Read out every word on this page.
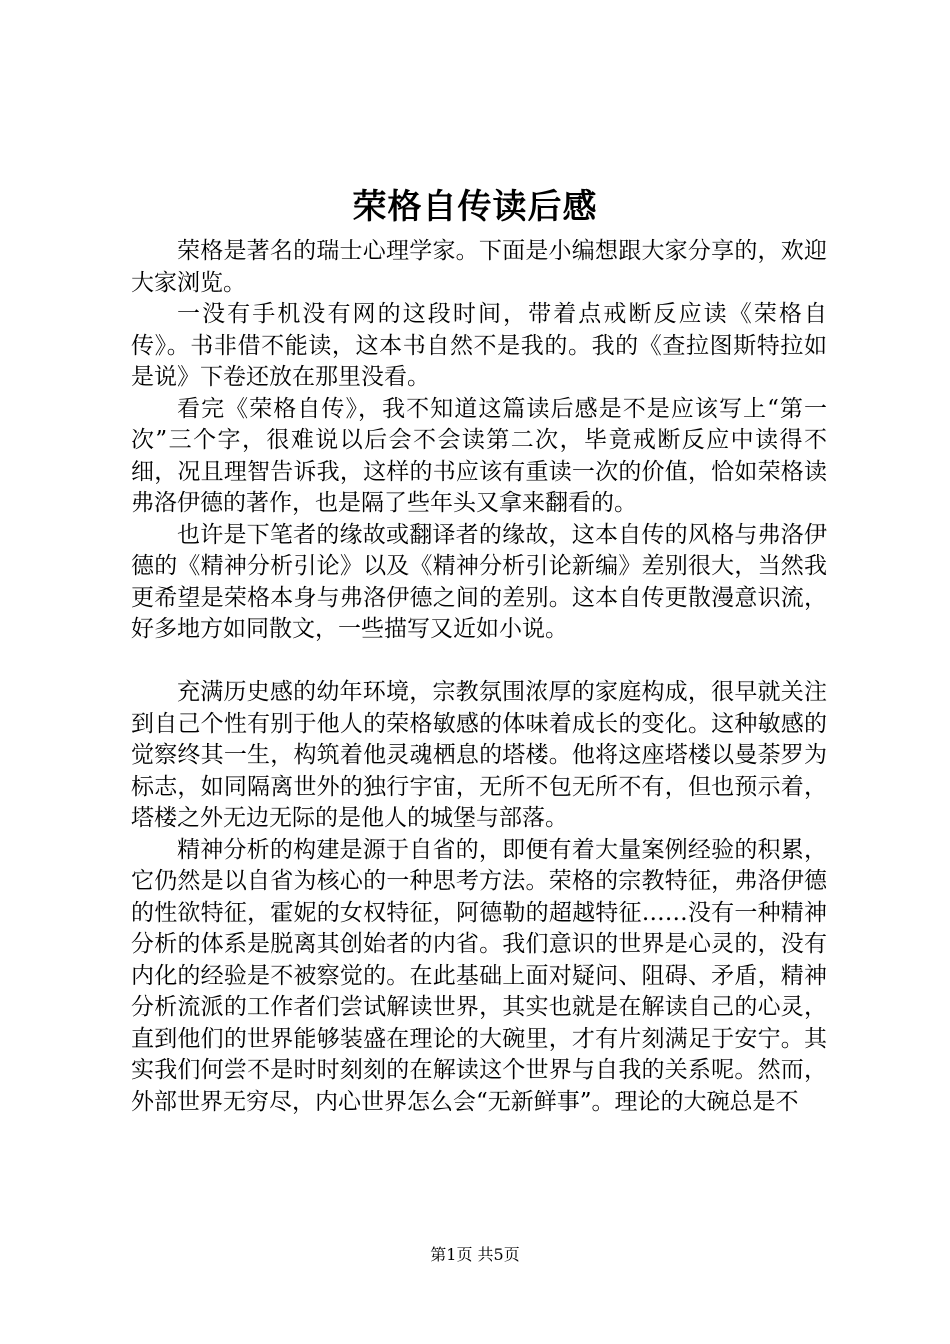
荣格自传读后感

荣格是著名的瑞士心理学家。下面是小编想跟大家分享的，欢迎大家浏览。

一没有手机没有网的这段时间，带着点戒断反应读《荣格自传》。书非借不能读，这本书自然不是我的。我的《查拉图斯特拉如是说》下卷还放在那里没看。

看完《荣格自传》，我不知道这篇读后感是不是应该写上“第一次”三个字，很难说以后会不会读第二次，毕竟戒断反应中读得不细，况且理智告诉我，这样的书应该有重读一次的价值，恰如荣格读弗洛伊德的著作，也是隔了些年头又拿来翻看的。

也许是下笔者的缘故或翻译者的缘故，这本自传的风格与弗洛伊德的《精神分析引论》以及《精神分析引论新编》差别很大，当然我更希望是荣格本身与弗洛伊德之间的差别。这本自传更散漫意识流，好多地方如同散文，一些描写又近如小说。

充满历史感的幼年环境，宗教氛围浓厚的家庭构成，很早就关注到自己个性有别于他人的荣格敏感的体味着成长的变化。这种敏感的觉察终其一生，构筑着他灵魂栖息的塔楼。他将这座塔楼以曼荼罗为标志，如同隔离世外的独行宇宙，无所不包无所不有，但也预示着，塔楼之外无边无际的是他人的城堡与部落。

精神分析的构建是源于自省的，即便有着大量案例经验的积累，它仍然是以自省为核心的一种思考方法。荣格的宗教特征，弗洛伊德的性欲特征，霍妮的女权特征，阿德勒的超越特征……没有一种精神分析的体系是脱离其创始者的内省。我们意识的世界是心灵的，没有内化的经验是不被察觉的。在此基础上面对疑问、阻碍、矛盾，精神分析流派的工作者们尝试解读世界，其实也就是在解读自己的心灵，直到他们的世界能够装盛在理论的大碗里，才有片刻满足于安宁。其实我们何尝不是时时刻刻的在解读这个世界与自我的关系呢。然而，外部世界无穷尽，内心世界怎么会“无新鲜事”。理论的大碗总是不

第1页 共5页
